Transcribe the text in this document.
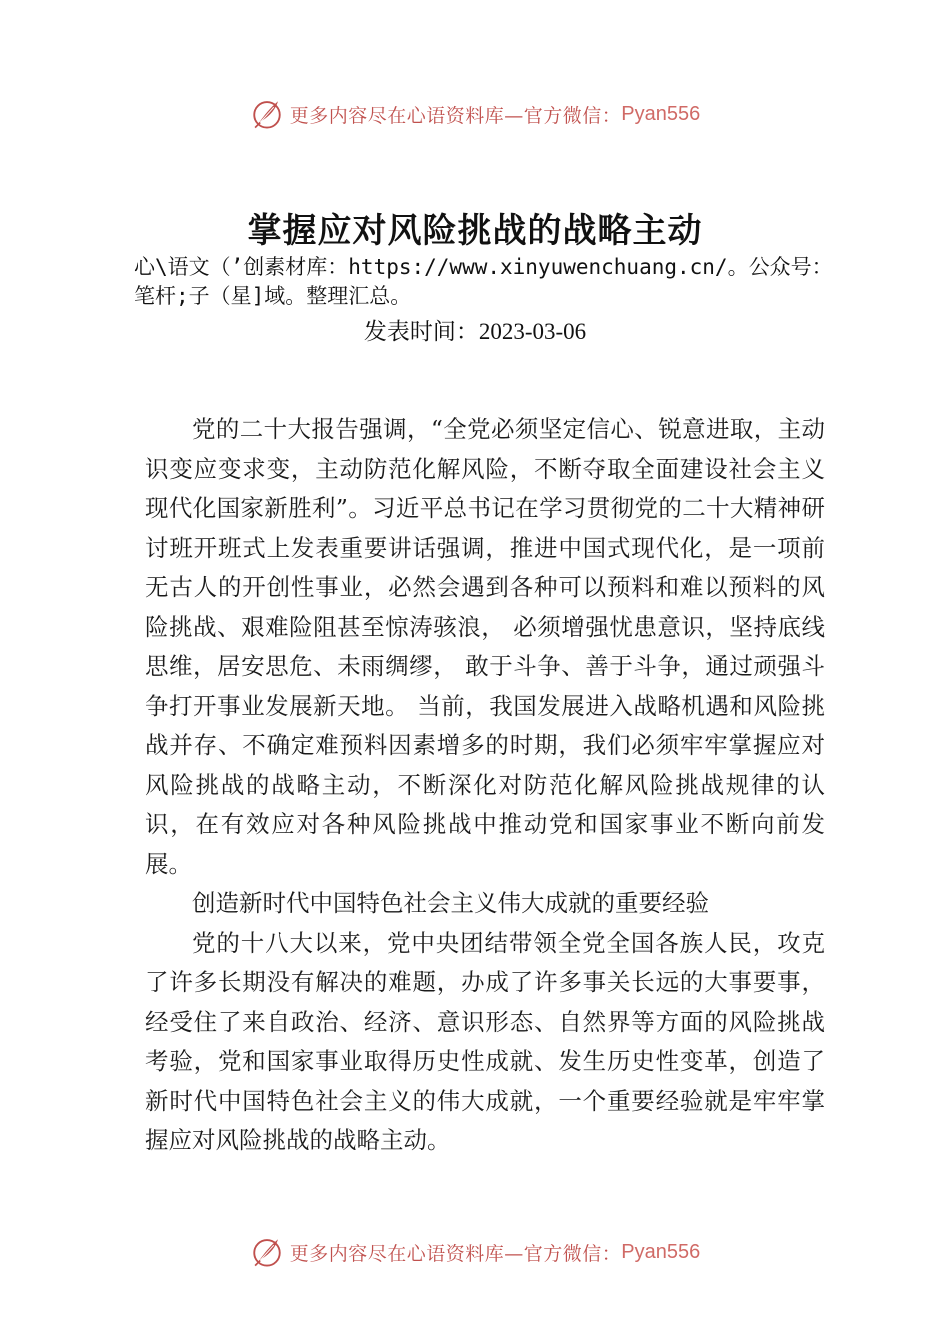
更多内容尽在心语资料库—官方微信： Pyan556
掌握应对风险挑战的战略主动
心\语文（’创素材库：https://www.xinyuwenchuang.cn/。公众号：笔杆;子（星]域。整理汇总。
发表时间：2023-03-06

党的二十大报告强调，“全党必须坚定信心、锐意进取，主动识变应变求变，主动防范化解风险，不断夺取全面建设社会主义现代化国家新胜利”。习近平总书记在学习贯彻党的二十大精神研讨班开班式上发表重要讲话强调，推进中国式现代化，是一项前无古人的开创性事业，必然会遇到各种可以预料和难以预料的风险挑战、艰难险阻甚至惊涛骇浪， 必须增强忧患意识，坚持底线思维，居安思危、未雨绸缪， 敢于斗争、善于斗争，通过顽强斗争打开事业发展新天地。 当前，我国发展进入战略机遇和风险挑战并存、不确定难预料因素增多的时期，我们必须牢牢掌握应对风险挑战的战略主动，不断深化对防范化解风险挑战规律的认识，在有效应对各种风险挑战中推动党和国家事业不断向前发展。

创造新时代中国特色社会主义伟大成就的重要经验

党的十八大以来，党中央团结带领全党全国各族人民，攻克了许多长期没有解决的难题，办成了许多事关长远的大事要事，经受住了来自政治、经济、意识形态、自然界等方面的风险挑战考验，党和国家事业取得历史性成就、发生历史性变革，创造了新时代中国特色社会主义的伟大成就，一个重要经验就是牢牢掌握应对风险挑战的战略主动。

更多内容尽在心语资料库—官方微信： Pyan556
